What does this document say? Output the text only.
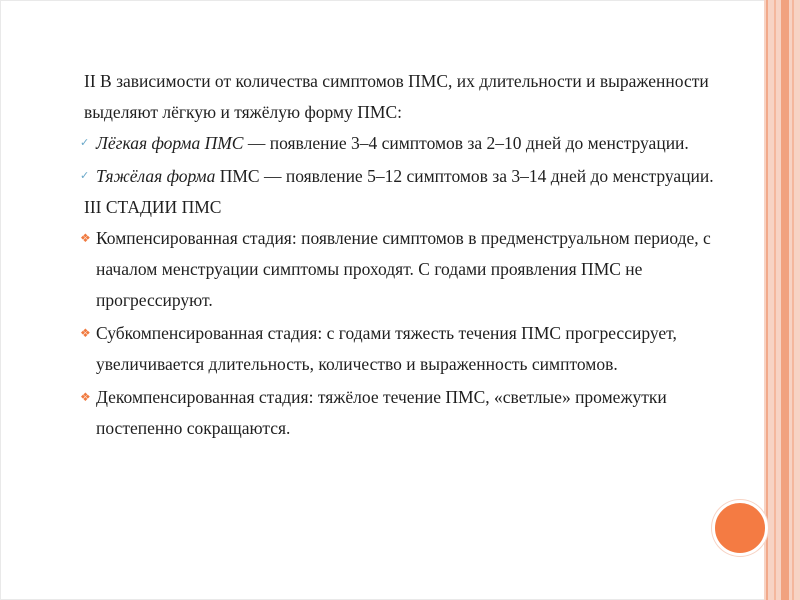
II В зависимости от количества симптомов ПМС, их длительности и выраженности выделяют лёгкую и тяжёлую форму ПМС:
✓ Лёгкая форма ПМС — появление 3–4 симптомов за 2–10 дней до менструации.
✓ Тяжёлая форма ПМС — появление 5–12 симптомов за 3–14 дней до менструации.
III СТАДИИ ПМС
❖ Компенсированная стадия: появление симптомов в предменструальном периоде, с началом менструации симптомы проходят. С годами проявления ПМС не прогрессируют.
❖ Субкомпенсированная стадия: с годами тяжесть течения ПМС прогрессирует, увеличивается длительность, количество и выраженность симптомов.
❖ Декомпенсированная стадия: тяжёлое течение ПМС, «светлые» промежутки постепенно сокращаются.
